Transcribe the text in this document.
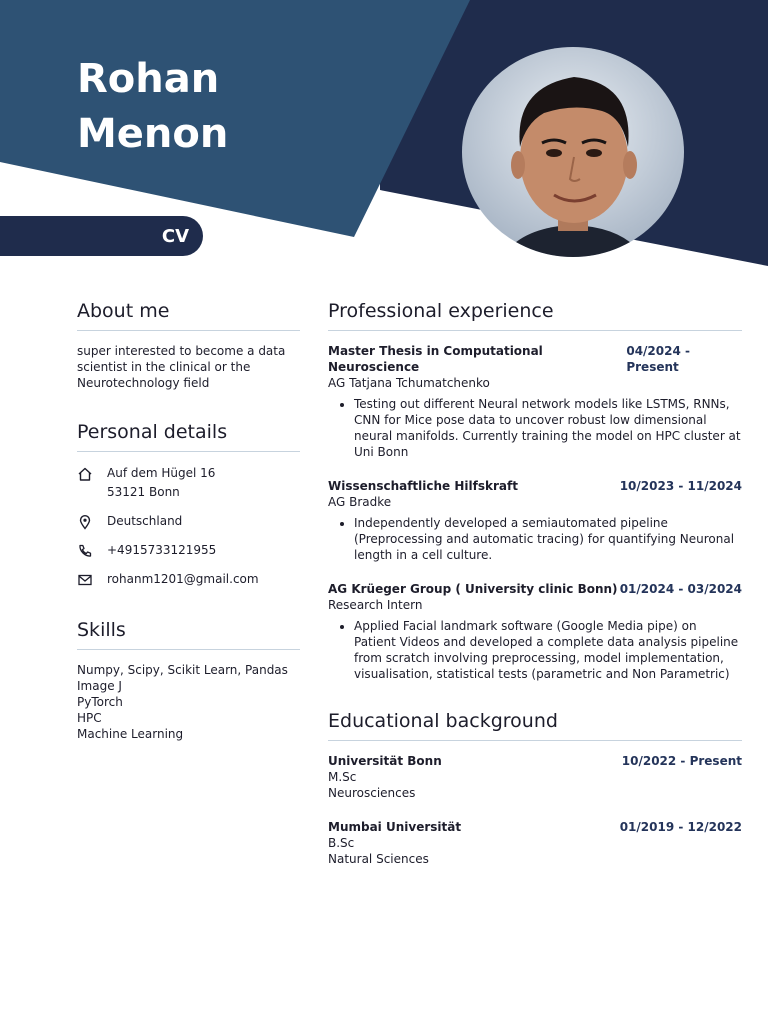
Rohan
Menon
CV
About me

super interested to become a data scientist in the clinical or the Neurotechnology field

Personal details
Auf dem Hügel 16
53121 Bonn
Deutschland
+4915733121955
rohanm1201@gmail.com
Skills
Numpy, Scipy, Scikit Learn, Pandas
Image J
PyTorch
HPC
Machine Learning
Professional experience
Master Thesis in Computational Neuroscience
04/2024 - Present
AG Tatjana Tchumatchenko
• Testing out different Neural network models like LSTMS, RNNs, CNN for Mice pose data to uncover robust low dimensional neural manifolds. Currently training the model on HPC cluster at Uni Bonn
Wissenschaftliche Hilfskraft	10/2023 - 11/2024
AG Bradke
• Independently developed a semiautomated pipeline (Preprocessing and automatic tracing) for quantifying Neuronal length in a cell culture.
AG Krüeger Group ( University clinic Bonn) 01/2024 - 03/2024
Research Intern
• Applied Facial landmark software (Google Media pipe) on Patient Videos and developed a complete data analysis pipeline from scratch involving preprocessing, model implementation, visualisation, statistical tests (parametric and Non Parametric)
Educational background
Universität Bonn	10/2022 - Present
M.Sc
Neurosciences
Mumbai Universität	01/2019 - 12/2022
B.Sc
Natural Sciences
